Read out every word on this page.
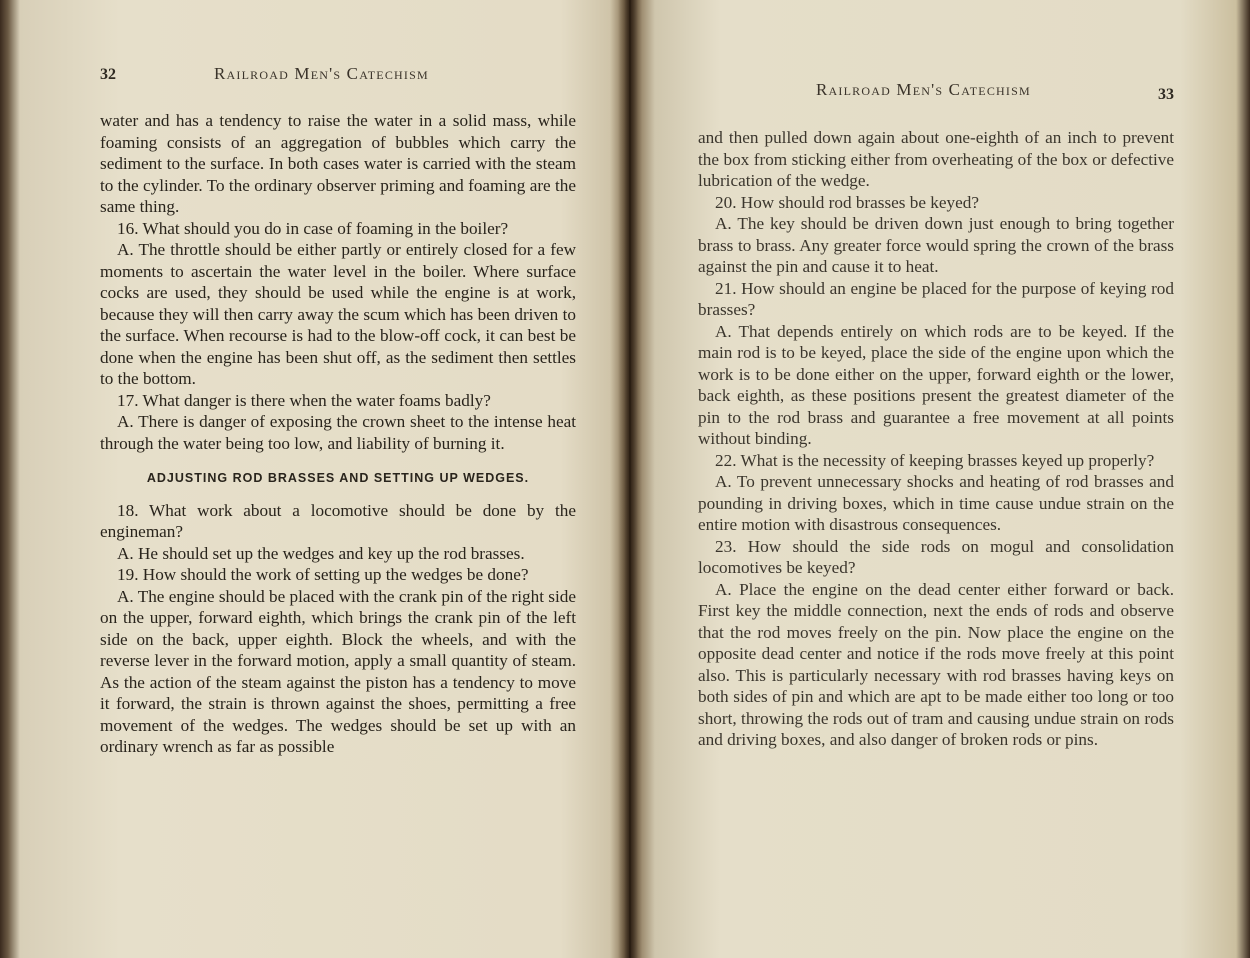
32	Railroad Men's Catechism

water and has a tendency to raise the water in a solid mass, while foaming consists of an aggregation of bubbles which carry the sediment to the surface. In both cases water is carried with the steam to the cylinder. To the ordinary observer priming and foaming are the same thing.

16. What should you do in case of foaming in the boiler?

A. The throttle should be either partly or entirely closed for a few moments to ascertain the water level in the boiler. Where surface cocks are used, they should be used while the engine is at work, because they will then carry away the scum which has been driven to the surface. When recourse is had to the blow-off cock, it can best be done when the engine has been shut off, as the sediment then settles to the bottom.

17. What danger is there when the water foams badly?

A. There is danger of exposing the crown sheet to the intense heat through the water being too low, and liability of burning it.

ADJUSTING ROD BRASSES AND SETTING UP WEDGES.

18. What work about a locomotive should be done by the engineman?

A. He should set up the wedges and key up the rod brasses.

19. How should the work of setting up the wedges be done?

A. The engine should be placed with the crank pin of the right side on the upper, forward eighth, which brings the crank pin of the left side on the back, upper eighth. Block the wheels, and with the reverse lever in the forward motion, apply a small quantity of steam. As the action of the steam against the piston has a tendency to move it forward, the strain is thrown against the shoes, permitting a free movement of the wedges. The wedges should be set up with an ordinary wrench as far as possible

Railroad Men's Catechism	33

and then pulled down again about one-eighth of an inch to prevent the box from sticking either from overheating of the box or defective lubrication of the wedge.

20. How should rod brasses be keyed?

A. The key should be driven down just enough to bring together brass to brass. Any greater force would spring the crown of the brass against the pin and cause it to heat.

21. How should an engine be placed for the purpose of keying rod brasses?

A. That depends entirely on which rods are to be keyed. If the main rod is to be keyed, place the side of the engine upon which the work is to be done either on the upper, forward eighth or the lower, back eighth, as these positions present the greatest diameter of the pin to the rod brass and guarantee a free movement at all points without binding.

22. What is the necessity of keeping brasses keyed up properly?

A. To prevent unnecessary shocks and heating of rod brasses and pounding in driving boxes, which in time cause undue strain on the entire motion with disastrous consequences.

23. How should the side rods on mogul and consolidation locomotives be keyed?

A. Place the engine on the dead center either forward or back. First key the middle connection, next the ends of rods and observe that the rod moves freely on the pin. Now place the engine on the opposite dead center and notice if the rods move freely at this point also. This is particularly necessary with rod brasses having keys on both sides of pin and which are apt to be made either too long or too short, throwing the rods out of tram and causing undue strain on rods and driving boxes, and also danger of broken rods or pins.
